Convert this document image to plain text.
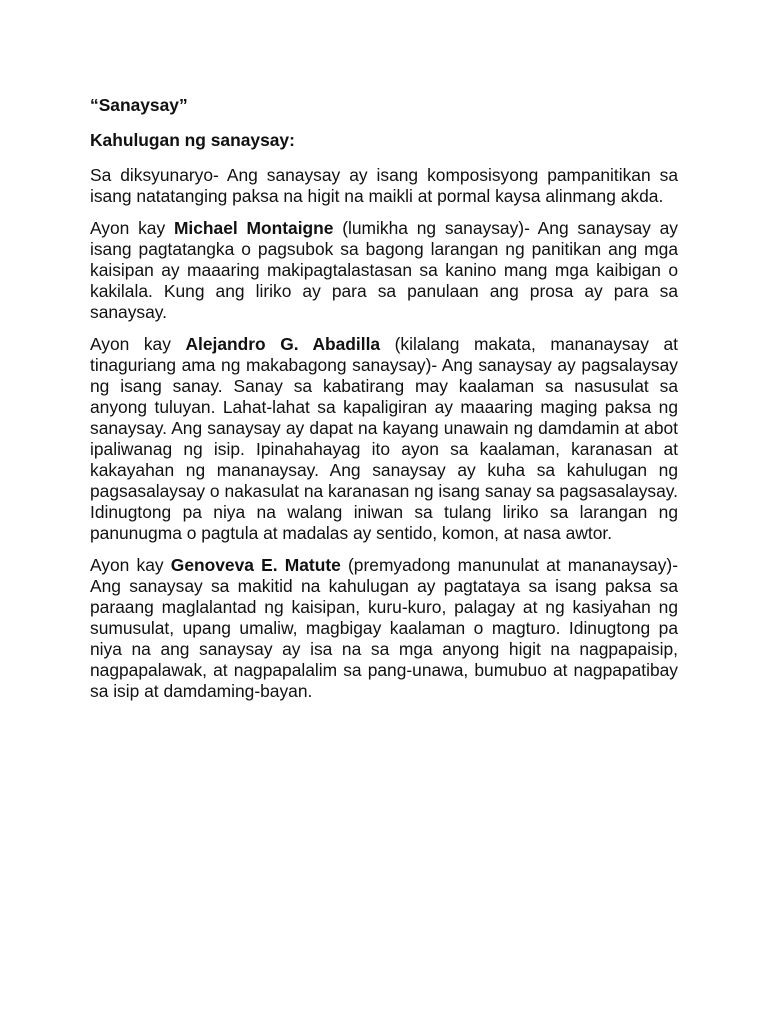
“Sanaysay”

Kahulugan ng sanaysay:

Sa diksyunaryo- Ang sanaysay ay isang komposisyong pampanitikan sa isang natatanging paksa na higit na maikli at pormal kaysa alinmang akda.

Ayon kay Michael Montaigne (lumikha ng sanaysay)- Ang sanaysay ay isang pagtatangka o pagsubok sa bagong larangan ng panitikan ang mga kaisipan ay maaaring makipagtalastasan sa kanino mang mga kaibigan o kakilala. Kung ang liriko ay para sa panulaan ang prosa ay para sa sanaysay.

Ayon kay Alejandro G. Abadilla (kilalang makata, mananaysay at tinaguriang ama ng makabagong sanaysay)- Ang sanaysay ay pagsalaysay ng isang sanay. Sanay sa kabatirang may kaalaman sa nasusulat sa anyong tuluyan. Lahat-lahat sa kapaligiran ay maaaring maging paksa ng sanaysay. Ang sanaysay ay dapat na kayang unawain ng damdamin at abot ipaliwanag ng isip. Ipinahahayag ito ayon sa kaalaman, karanasan at kakayahan ng mananaysay. Ang sanaysay ay kuha sa kahulugan ng pagsasalaysay o nakasulat na karanasan ng isang sanay sa pagsasalaysay. Idinugtong pa niya na walang iniwan sa tulang liriko sa larangan ng panunugma o pagtula at madalas ay sentido, komon, at nasa awtor.

Ayon kay Genoveva E. Matute (premyadong manunulat at mananaysay)- Ang sanaysay sa makitid na kahulugan ay pagtataya sa isang paksa sa paraang maglalantad ng kaisipan, kuru-kuro, palagay at ng kasiyahan ng sumusulat, upang umaliw, magbigay kaalaman o magturo. Idinugtong pa niya na ang sanaysay ay isa na sa mga anyong higit na nagpapaisip, nagpapalawak, at nagpapalalim sa pang-unawa, bumubuo at nagpapatibay sa isip at damdaming-bayan.
